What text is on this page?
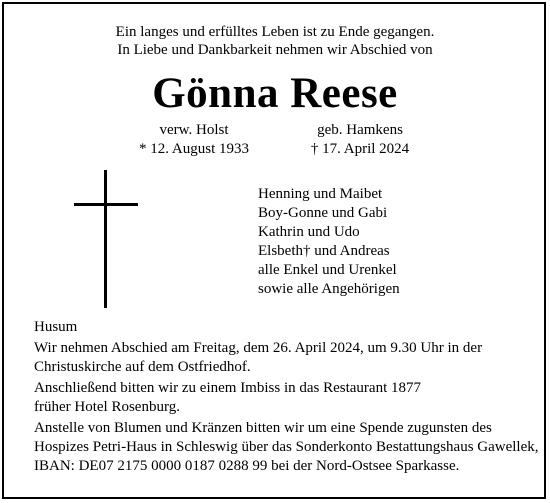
Ein langes und erfülltes Leben ist zu Ende gegangen.
In Liebe und Dankbarkeit nehmen wir Abschied von
Gönna Reese
verw. Holst	geb. Hamkens
* 12. August 1933	† 17. April 2024
Henning und Maibet
Boy-Gonne und Gabi
Kathrin und Udo
Elsbeth† und Andreas
alle Enkel und Urenkel
sowie alle Angehörigen
Husum
Wir nehmen Abschied am Freitag, dem 26. April 2024, um 9.30 Uhr in der
Christuskirche auf dem Ostfriedhof.
Anschließend bitten wir zu einem Imbiss in das Restaurant 1877
früher Hotel Rosenburg.
Anstelle von Blumen und Kränzen bitten wir um eine Spende zugunsten des
Hospizes Petri-Haus in Schleswig über das Sonderkonto Bestattungshaus Gawellek,
IBAN: DE07 2175 0000 0187 0288 99 bei der Nord-Ostsee Sparkasse.
